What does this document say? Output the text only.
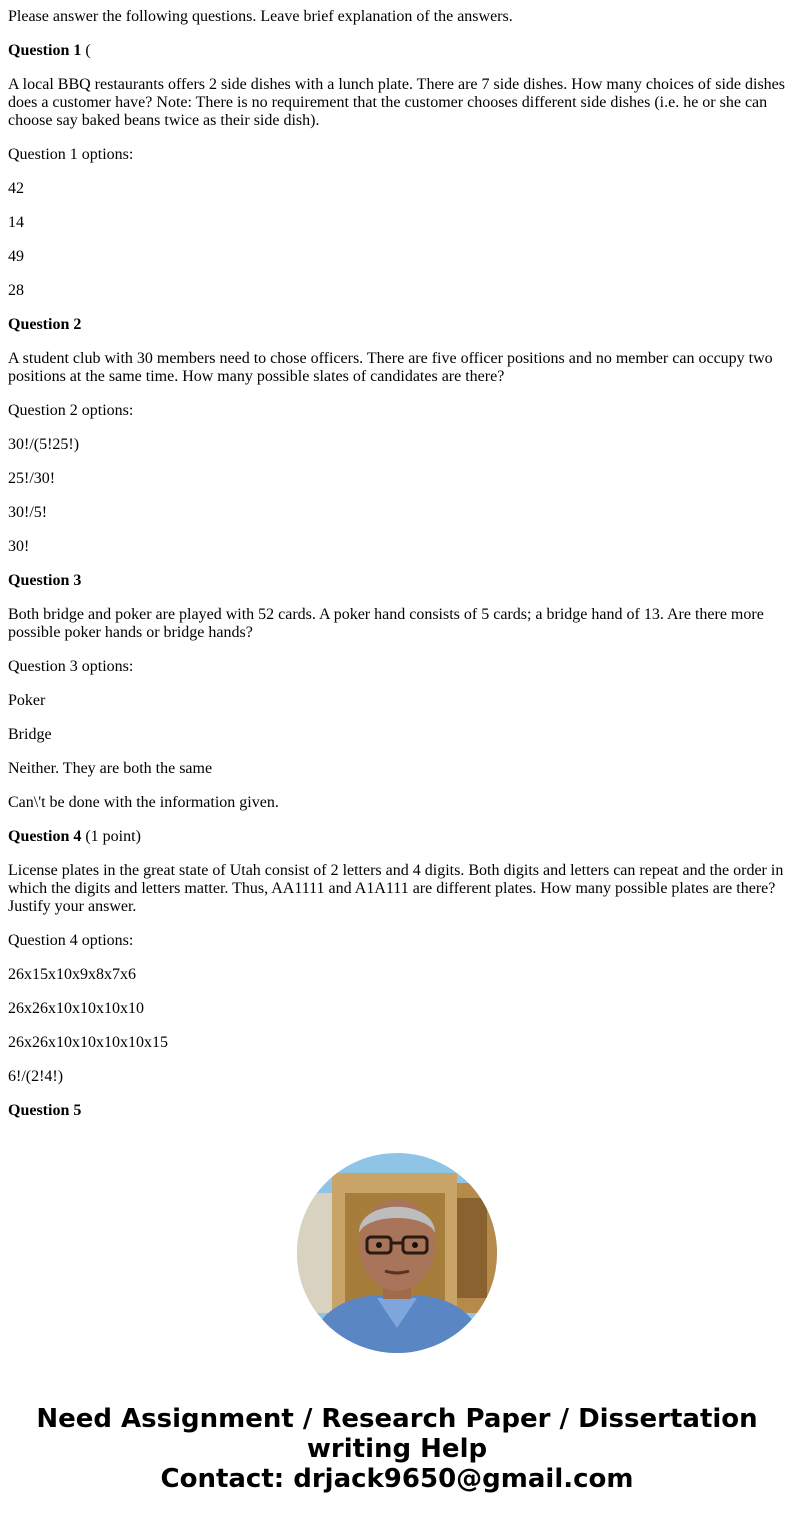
Please answer the following questions. Leave brief explanation of the answers.

Question 1 (

A local BBQ restaurants offers 2 side dishes with a lunch plate. There are 7 side dishes. How many choices of side dishes does a customer have? Note: There is no requirement that the customer chooses different side dishes (i.e. he or she can choose say baked beans twice as their side dish).

Question 1 options:

42

14

49

28

Question 2

A student club with 30 members need to chose officers. There are five officer positions and no member can occupy two positions at the same time. How many possible slates of candidates are there?

Question 2 options:

30!/(5!25!)

25!/30!

30!/5!

30!

Question 3

Both bridge and poker are played with 52 cards. A poker hand consists of 5 cards; a bridge hand of 13. Are there more possible poker hands or bridge hands?

Question 3 options:

Poker

Bridge

Neither. They are both the same

Can\'t be done with the information given.

Question 4 (1 point)

License plates in the great state of Utah consist of 2 letters and 4 digits. Both digits and letters can repeat and the order in which the digits and letters matter. Thus, AA1111 and A1A111 are different plates. How many possible plates are there? Justify your answer.

Question 4 options:

26x15x10x9x8x7x6

26x26x10x10x10x10

26x26x10x10x10x10x15

6!/(2!4!)

Question 5

Need Assignment / Research Paper / Dissertation
writing Help
Contact: drjack9650@gmail.com
